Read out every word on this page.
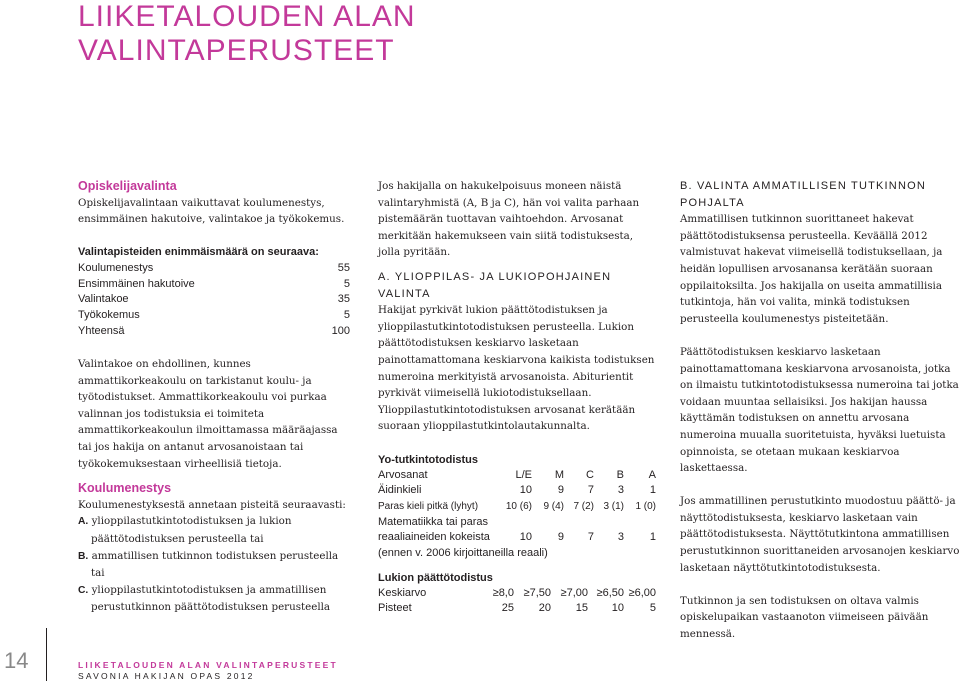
LIIKETALOUDEN ALAN
VALINTAPERUSTEET
Opiskelijavalinta

Opiskelijavalintaan vaikuttavat koulumenestys, ensimmäinen hakutoive, valintakoe ja työkokemus.

Valintapisteiden enimmäismäärä on seuraava:
Koulumenestys	55
Ensimmäinen hakutoive	5
Valintakoe	35
Työkokemus	5
Yhteensä	100

Valintakoe on ehdollinen, kunnes ammattikorkeakoulu on tarkistanut koulu- ja työtodistukset. Ammattikorkeakoulu voi purkaa valinnan jos todistuksia ei toimiteta ammattikorkeakoulun ilmoittamassa määräajassa tai jos hakija on antanut arvosanoistaan tai työkokemuksestaan virheellisiä tietoja.

Koulumenestys

Koulumenestyksestä annetaan pisteitä seuraavasti:

A. ylioppilastutkintotodistuksen ja lukion päättötodistuksen perusteella tai
B. ammatillisen tutkinnon todistuksen perusteella tai
C. ylioppilastutkintotodistuksen ja ammatillisen perustutkinnon päättötodistuksen perusteella

Jos hakijalla on hakukelpoisuus moneen näistä valintaryhmistä (A, B ja C), hän voi valita parhaan pistemäärän tuottavan vaihtoehdon. Arvosanat merkitään hakemukseen vain siitä todistuksesta, jolla pyritään.

A. YLIOPPILAS- JA LUKIOPOHJAINEN VALINTA

Hakijat pyrkivät lukion päättötodistuksen ja ylioppilastutkintotodistuksen perusteella. Lukion päättötodistuksen keskiarvo lasketaan painottamattomana keskiarvona kaikista todistuksen numeroina merkityistä arvosanoista. Abiturientit pyrkivät viimeisellä lukiotodistuksellaan. Ylioppilastutkintotodistuksen arvosanat kerätään suoraan ylioppilastutkintolautakunnalta.

Yo-tutkintotodistus
Arvosanat	L/E	M	C	B	A
Äidinkieli	10	9	7	3	1
Paras kieli pitkä (lyhyt)	10 (6)	9 (4)	7 (2)	3 (1)	1 (0)
Matematiikka tai paras					
reaaliaineiden kokeista	10	9	7	3	1
(ennen v. 2006 kirjoittaneilla reaali)					
Lukion päättötodistus
Keskiarvo	≥8,0	≥7,50	≥7,00	≥6,50	≥6,00
Pisteet	25	20	15	10	5
B. VALINTA AMMATILLISEN TUTKINNON POHJALTA

Ammatillisen tutkinnon suorittaneet hakevat päättötodistuksensa perusteella. Keväällä 2012 valmistuvat hakevat viimeisellä todistuksellaan, ja heidän lopullisen arvosanansa kerätään suoraan oppilaitoksilta. Jos hakijalla on useita ammatillisia tutkintoja, hän voi valita, minkä todistuksen perusteella koulumenestys pisteitetään.

Päättötodistuksen keskiarvo lasketaan painottamattomana keskiarvona arvosanoista, jotka on ilmaistu tutkintotodistuksessa numeroina tai jotka voidaan muuntaa sellaisiksi. Jos hakijan haussa käyttämän todistuksen on annettu arvosana numeroina muualla suoritetuista, hyväksi luetuista opinnoista, se otetaan mukaan keskiarvoa laskettaessa.

Jos ammatillinen perustutkinto muodostuu päättö- ja näyttötodistuksesta, keskiarvo lasketaan vain päättötodistuksesta. Näyttötutkintona ammatillisen perustutkinnon suorittaneiden arvosanojen keskiarvo lasketaan näyttötutkintotodistuksesta.

Tutkinnon ja sen todistuksen on oltava valmis opiskelupaikan vastaanoton viimeiseen päivään mennessä.

14	LIIKETALOUDEN ALAN VALINTAPERUSTEET
SAVONIA HAKIJAN OPAS 2012
